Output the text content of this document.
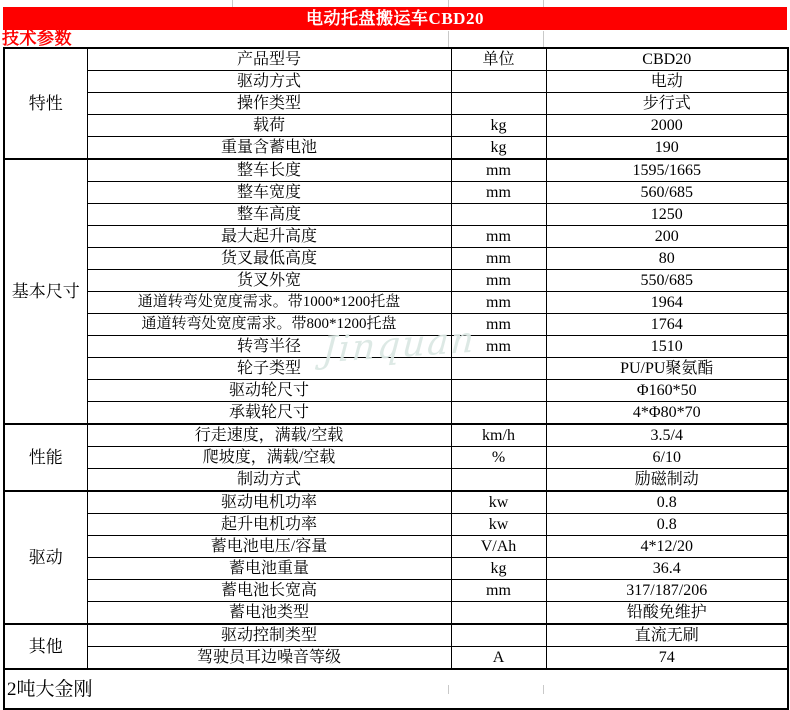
电动托盘搬运车CBD20
技术参数
特性	产品型号	单位	CBD20
	驱动方式		电动
	操作类型		步行式
	载荷	kg	2000
	重量含蓄电池	kg	190
基本尺寸	整车长度	mm	1595/1665
	整车宽度	mm	560/685
	整车高度		1250
	最大起升高度	mm	200
	货叉最低高度	mm	80
	货叉外宽	mm	550/685
	通道转弯处宽度需求。带1000*1200托盘	mm	1964
	通道转弯处宽度需求。带800*1200托盘	mm	1764
	转弯半径	mm	1510
	轮子类型		PU/PU聚氨酯
	驱动轮尺寸		Φ160*50
	承载轮尺寸		4*Φ80*70
性能	行走速度，满载/空载	km/h	3.5/4
	爬坡度，满载/空载	%	6/10
	制动方式		励磁制动
驱动	驱动电机功率	kw	0.8
	起升电机功率	kw	0.8
	蓄电池电压/容量	V/Ah	4*12/20
	蓄电池重量	kg	36.4
	蓄电池长宽高	mm	317/187/206
	蓄电池类型		铅酸免维护
其他	驱动控制类型		直流无刷
	驾驶员耳边噪音等级	A	74
2吨大金刚			
Jinquan
